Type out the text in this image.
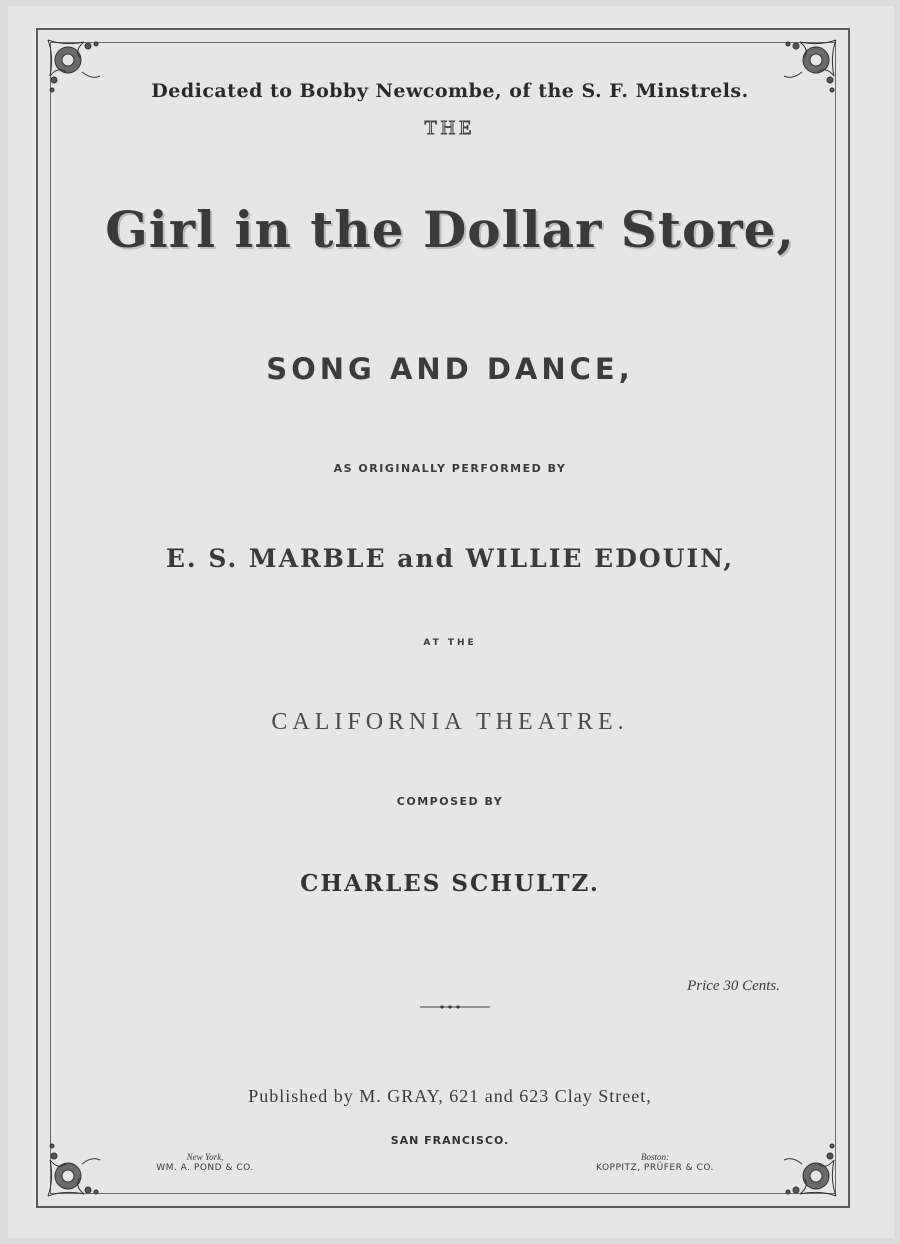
Dedicated to Bobby Newcombe, of the S. F. Minstrels.
THE
Girl in the Dollar Store,
SONG AND DANCE,
AS ORIGINALLY PERFORMED BY
E. S. MARBLE and WILLIE EDOUIN,
AT THE
CALIFORNIA THEATRE.
COMPOSED BY
CHARLES SCHULTZ.
Price 30 Cents.
Published by M. GRAY, 621 and 623 Clay Street,
SAN FRANCISCO.
New York,
WM. A. POND & CO.
Boston:
KOPPITZ, PRÜFER & CO.
